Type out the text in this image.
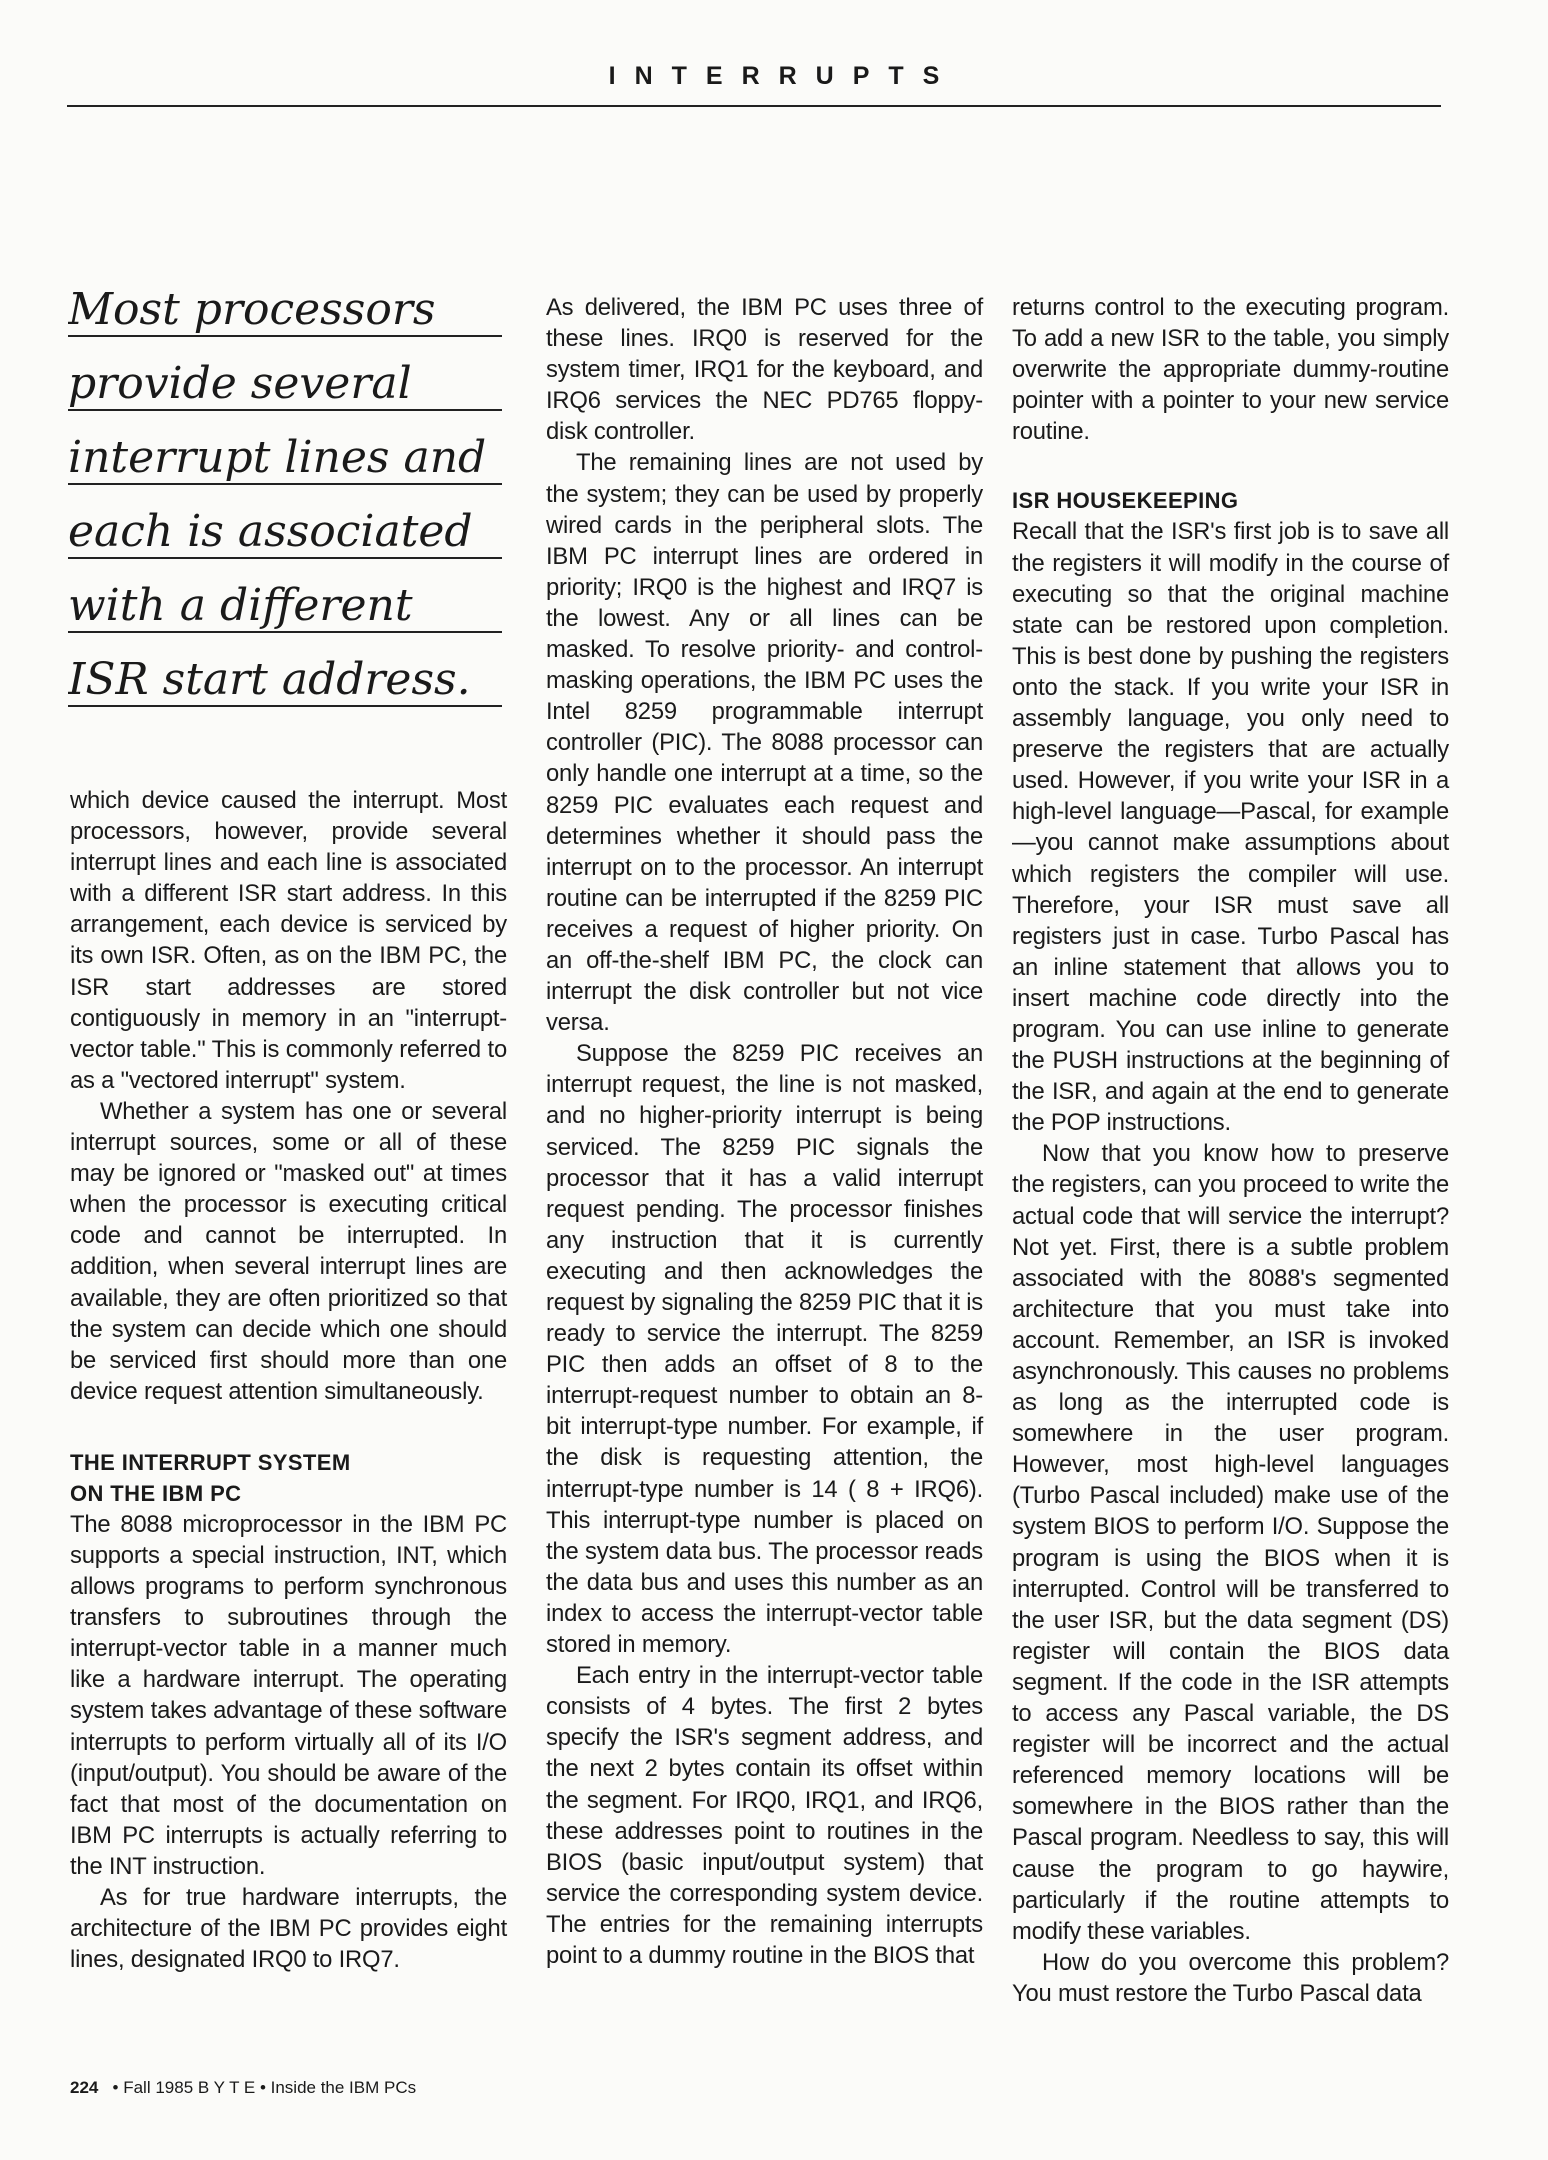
INTERRUPTS
Most processors
provide several
interrupt lines and
each is associated
with a different
ISR start address.

which device caused the interrupt. Most processors, however, provide several interrupt lines and each line is associated with a different ISR start address. In this arrangement, each device is serviced by its own ISR. Often, as on the IBM PC, the ISR start addresses are stored contiguously in memory in an "interrupt-vector table." This is commonly referred to as a "vectored interrupt" system.

Whether a system has one or several interrupt sources, some or all of these may be ignored or "masked out" at times when the processor is executing critical code and cannot be interrupted. In addition, when several interrupt lines are available, they are often prioritized so that the system can decide which one should be serviced first should more than one device request attention simultaneously.

THE INTERRUPT SYSTEM
ON THE IBM PC

The 8088 microprocessor in the IBM PC supports a special instruction, INT, which allows programs to perform synchronous transfers to subroutines through the interrupt-vector table in a manner much like a hardware interrupt. The operating system takes advantage of these software interrupts to perform virtually all of its I/O (input/output). You should be aware of the fact that most of the documentation on IBM PC interrupts is actually referring to the INT instruction.

As for true hardware interrupts, the architecture of the IBM PC provides eight lines, designated IRQ0 to IRQ7.

As delivered, the IBM PC uses three of these lines. IRQ0 is reserved for the system timer, IRQ1 for the keyboard, and IRQ6 services the NEC PD765 floppy-disk controller.

The remaining lines are not used by the system; they can be used by properly wired cards in the peripheral slots. The IBM PC interrupt lines are ordered in priority; IRQ0 is the highest and IRQ7 is the lowest. Any or all lines can be masked. To resolve priority- and control-masking operations, the IBM PC uses the Intel 8259 programmable interrupt controller (PIC). The 8088 processor can only handle one interrupt at a time, so the 8259 PIC evaluates each request and determines whether it should pass the interrupt on to the processor. An interrupt routine can be interrupted if the 8259 PIC receives a request of higher priority. On an off-the-shelf IBM PC, the clock can interrupt the disk controller but not vice versa.

Suppose the 8259 PIC receives an interrupt request, the line is not masked, and no higher-priority interrupt is being serviced. The 8259 PIC signals the processor that it has a valid interrupt request pending. The processor finishes any instruction that it is currently executing and then acknowledges the request by signaling the 8259 PIC that it is ready to service the interrupt. The 8259 PIC then adds an offset of 8 to the interrupt-request number to obtain an 8-bit interrupt-type number. For example, if the disk is requesting attention, the interrupt-type number is 14 ( 8 + IRQ6). This interrupt-type number is placed on the system data bus. The processor reads the data bus and uses this number as an index to access the interrupt-vector table stored in memory.

Each entry in the interrupt-vector table consists of 4 bytes. The first 2 bytes specify the ISR's segment address, and the next 2 bytes contain its offset within the segment. For IRQ0, IRQ1, and IRQ6, these addresses point to routines in the BIOS (basic input/output system) that service the corresponding system device. The entries for the remaining interrupts point to a dummy routine in the BIOS that

returns control to the executing program. To add a new ISR to the table, you simply overwrite the appropriate dummy-routine pointer with a pointer to your new service routine.

ISR HOUSEKEEPING

Recall that the ISR's first job is to save all the registers it will modify in the course of executing so that the original machine state can be restored upon completion. This is best done by pushing the registers onto the stack. If you write your ISR in assembly language, you only need to preserve the registers that are actually used. However, if you write your ISR in a high-level language—Pascal, for example—you cannot make assumptions about which registers the compiler will use. Therefore, your ISR must save all registers just in case. Turbo Pascal has an inline statement that allows you to insert machine code directly into the program. You can use inline to generate the PUSH instructions at the beginning of the ISR, and again at the end to generate the POP instructions.

Now that you know how to preserve the registers, can you proceed to write the actual code that will service the interrupt? Not yet. First, there is a subtle problem associated with the 8088's segmented architecture that you must take into account. Remember, an ISR is invoked asynchronously. This causes no problems as long as the interrupted code is somewhere in the user program. However, most high-level languages (Turbo Pascal included) make use of the system BIOS to perform I/O. Suppose the program is using the BIOS when it is interrupted. Control will be transferred to the user ISR, but the data segment (DS) register will contain the BIOS data segment. If the code in the ISR attempts to access any Pascal variable, the DS register will be incorrect and the actual referenced memory locations will be somewhere in the BIOS rather than the Pascal program. Needless to say, this will cause the program to go haywire, particularly if the routine attempts to modify these variables.

How do you overcome this problem? You must restore the Turbo Pascal data

224 • Fall 1985 B Y T E • Inside the IBM PCs
